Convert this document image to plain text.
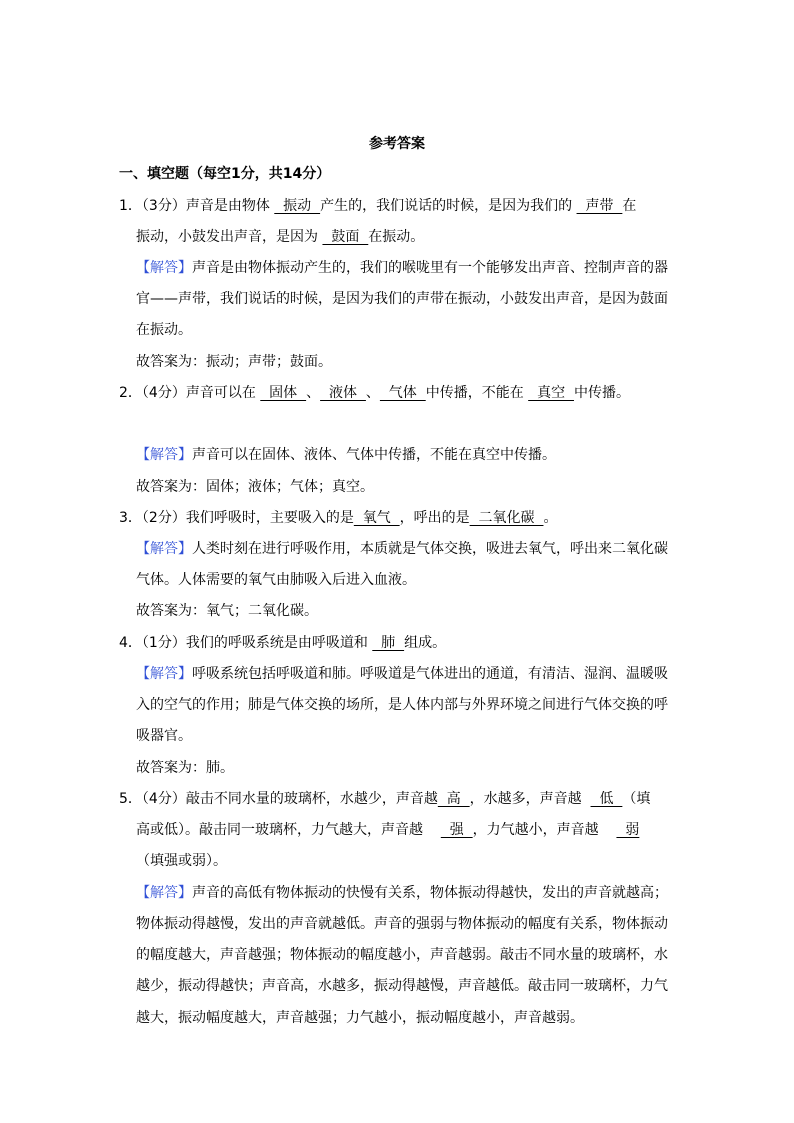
参考答案
一、填空题（每空1分，共14分）
1．（3分）声音是由物体   振动  产生的，我们说话的时候，是因为我们的   声带  在
振动，小鼓发出声音，是因为   鼓面  在振动。
【解答】声音是由物体振动产生的，我们的喉咙里有一个能够发出声音、控制声音的器
官——声带，我们说话的时候，是因为我们的声带在振动，小鼓发出声音，是因为鼓面
在振动。
故答案为：振动；声带；鼓面。
2．（4分）声音可以在   固体  、  液体  、  气体  中传播，不能在   真空  中传播。
【解答】声音可以在固体、液体、气体中传播，不能在真空中传播。
故答案为：固体；液体；气体；真空。
3．（2分）我们呼吸时，主要吸入的是  氧气  ，呼出的是  二氧化碳  。
【解答】人类时刻在进行呼吸作用，本质就是气体交换，吸进去氧气，呼出来二氧化碳
气体。人体需要的氧气由肺吸入后进入血液。
故答案为：氧气；二氧化碳。
4．（1分）我们的呼吸系统是由呼吸道和   肺  组成。
【解答】呼吸系统包括呼吸道和肺。呼吸道是气体进出的通道，有清洁、湿润、温暖吸
入的空气的作用；肺是气体交换的场所，是人体内部与外界环境之间进行气体交换的呼
吸器官。
故答案为：肺。
5．（4分）敲击不同水量的玻璃杯，水越少，声音越  高  ，水越多，声音越    低  （填
高或低）。敲击同一玻璃杯，力气越大，声音越      强  ，力气越小，声音越      弱
（填强或弱）。
【解答】声音的高低有物体振动的快慢有关系，物体振动得越快，发出的声音就越高；
物体振动得越慢，发出的声音就越低。声音的强弱与物体振动的幅度有关系，物体振动
的幅度越大，声音越强；物体振动的幅度越小，声音越弱。敲击不同水量的玻璃杯，水
越少，振动得越快；声音高，水越多，振动得越慢，声音越低。敲击同一玻璃杯，力气
越大，振动幅度越大，声音越强；力气越小，振动幅度越小，声音越弱。
